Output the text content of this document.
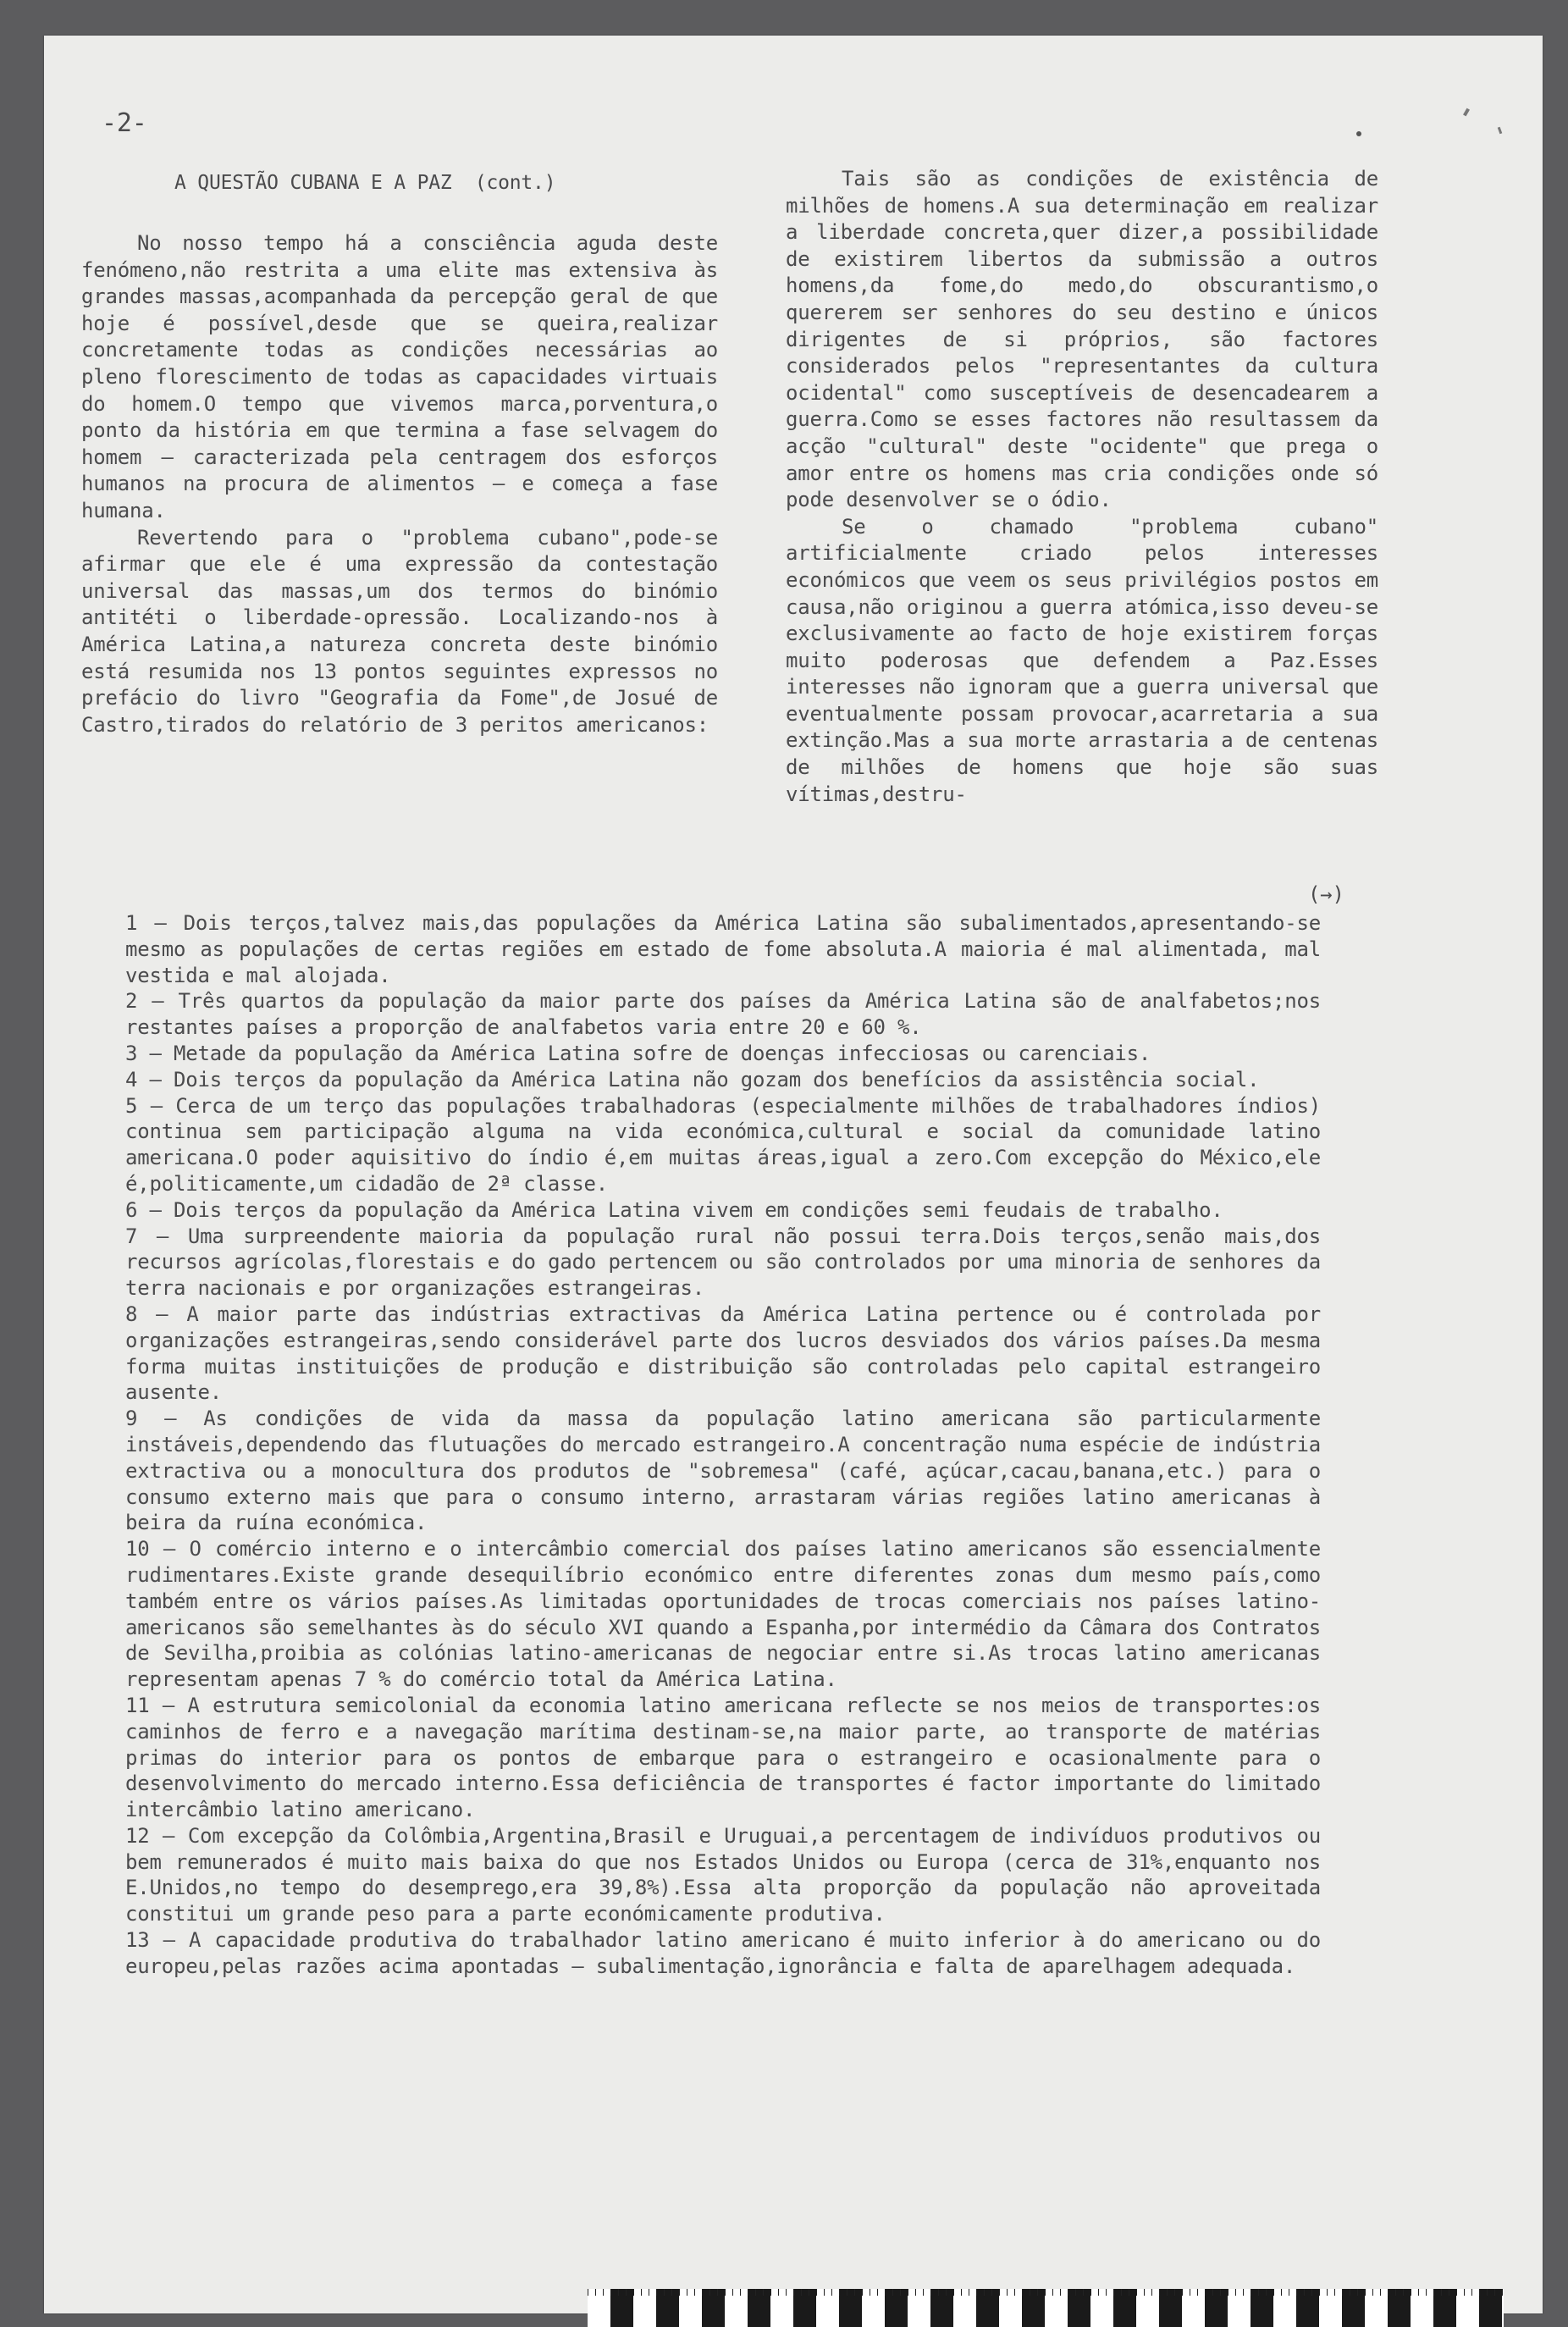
-2-
A QUESTÃO CUBANA E A PAZ  (cont.)

No nosso tempo há a consciência aguda deste fenómeno,não restrita a uma elite mas extensiva às grandes massas,acompanhada da percepção geral de que hoje é possível,desde que se queira,realizar concretamente todas as condições necessárias ao pleno florescimento de todas as capacidades virtuais do homem.O tempo que vivemos marca,porventura,o ponto da história em que termina a fase selvagem do homem – caracterizada pela centragem dos esforços humanos na procura de alimentos – e começa a fase humana.

Revertendo para o "problema cubano",pode-se afirmar que ele é uma expressão da contestação universal das massas,um dos termos do binómio antitéti o liberdade-opressão. Localizando-nos à América Latina,a natureza concreta deste binómio está resumida nos 13 pontos seguintes expressos no prefácio do livro "Geografia da Fome",de Josué de Castro,tirados do relatório de 3 peritos americanos:

Tais são as condições de existência de milhões de homens.A sua determinação em realizar a liberdade concreta,quer dizer,a possibilidade de existirem libertos da submissão a outros homens,da fome,do medo,do obscurantismo,o quererem ser senhores do seu destino e únicos dirigentes de si próprios, são factores considerados pelos "representantes da cultura ocidental" como susceptíveis de desencadearem a guerra.Como se esses factores não resultassem da acção "cultural" deste "ocidente" que prega o amor entre os homens mas cria condições onde só pode desenvolver se o ódio.

Se o chamado "problema cubano" artificialmente criado pelos interesses económicos que veem os seus privilégios postos em causa,não originou a guerra atómica,isso deveu-se exclusivamente ao facto de hoje existirem forças muito poderosas que defendem a Paz.Esses interesses não ignoram que a guerra universal que eventualmente possam provocar,acarretaria a sua extinção.Mas a sua morte arrastaria a de centenas de milhões de homens que hoje são suas vítimas,destru-

(→)

1 – Dois terços,talvez mais,das populações da América Latina são subalimentados,apresentando-se mesmo as populações de certas regiões em estado de fome absoluta.A maioria é mal alimentada, mal vestida e mal alojada.

2 – Três quartos da população da maior parte dos países da América Latina são de analfabetos;nos restantes países a proporção de analfabetos varia entre 20 e 60 %.

3 – Metade da população da América Latina sofre de doenças infecciosas ou carenciais.

4 – Dois terços da população da América Latina não gozam dos benefícios da assistência social.

5 – Cerca de um terço das populações trabalhadoras (especialmente milhões de trabalhadores índios) continua sem participação alguma na vida económica,cultural e social da comunidade latino americana.O poder aquisitivo do índio é,em muitas áreas,igual a zero.Com excepção do México,ele é,politicamente,um cidadão de 2ª classe.

6 – Dois terços da população da América Latina vivem em condições semi feudais de trabalho.

7 – Uma surpreendente maioria da população rural não possui terra.Dois terços,senão mais,dos recursos agrícolas,florestais e do gado pertencem ou são controlados por uma minoria de senhores da terra nacionais e por organizações estrangeiras.

8 – A maior parte das indústrias extractivas da América Latina pertence ou é controlada por organizações estrangeiras,sendo considerável parte dos lucros desviados dos vários países.Da mesma forma muitas instituições de produção e distribuição são controladas pelo capital estrangeiro ausente.

9 – As condições de vida da massa da população latino americana são particularmente instáveis,dependendo das flutuações do mercado estrangeiro.A concentração numa espécie de indústria extractiva ou a monocultura dos produtos de "sobremesa" (café, açúcar,cacau,banana,etc.) para o consumo externo mais que para o consumo interno, arrastaram várias regiões latino americanas à beira da ruína económica.

10 – O comércio interno e o intercâmbio comercial dos países latino americanos são essencialmente rudimentares.Existe grande desequilíbrio económico entre diferentes zonas dum mesmo país,como também entre os vários países.As limitadas oportunidades de trocas comerciais nos países latino-americanos são semelhantes às do século XVI quando a Espanha,por intermédio da Câmara dos Contratos de Sevilha,proibia as colónias latino-americanas de negociar entre si.As trocas latino americanas representam apenas 7 % do comércio total da América Latina.

11 – A estrutura semicolonial da economia latino americana reflecte se nos meios de transportes:os caminhos de ferro e a navegação marítima destinam-se,na maior parte, ao transporte de matérias primas do interior para os pontos de embarque para o estrangeiro e ocasionalmente para o desenvolvimento do mercado interno.Essa deficiência de transportes é factor importante do limitado intercâmbio latino americano.

12 – Com excepção da Colômbia,Argentina,Brasil e Uruguai,a percentagem de indivíduos produtivos ou bem remunerados é muito mais baixa do que nos Estados Unidos ou Europa (cerca de 31%,enquanto nos E.Unidos,no tempo do desemprego,era 39,8%).Essa alta proporção da população não aproveitada constitui um grande peso para a parte económicamente produtiva.

13 – A capacidade produtiva do trabalhador latino americano é muito inferior à do americano ou do europeu,pelas razões acima apontadas – subalimentação,ignorância e falta de aparelhagem adequada.
